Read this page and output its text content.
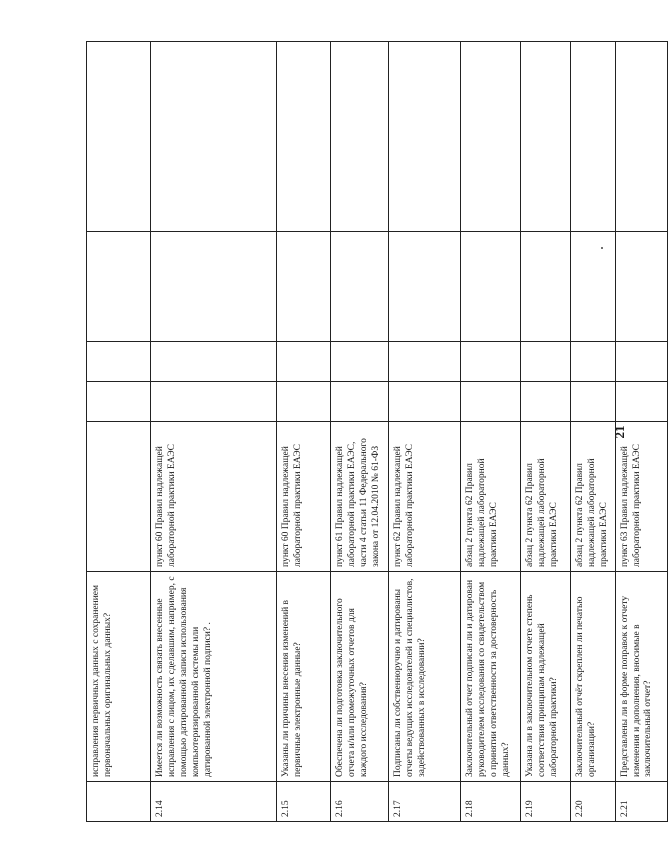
21
	исправления первичных данных с сохранением первоначальных оригинальных данных?					
2.14	Имеется ли возможность связать внесенные исправления с лицом, их сделавшим, например, с помощью датированной записи использования компьютеризированной системы или датированной электронной подписи? .	пункт 60 Правил надлежащей лабораторной практики ЕАЭС				
2.15	Указаны ли причины внесения изменений в первичные электронные данные?	пункт 60 Правил надлежащей лабораторной практики ЕАЭС				
2.16	Обеспечена ли подготовка заключительного отчета и/или промежуточных отчетов для каждого исследования?	пункт 61 Правил надлежащей лабораторной практики ЕАЭС, части 4 статьи 11 Федерального закона от 12.04.2010 № 61-ФЗ				
2.17	Подписаны ли собственноручно и датированы отчеты ведущих исследователей и специалистов, задействованных в исследовании?	пункт 62 Правил надлежащей лабораторной практики ЕАЭС				
2.18	Заключительный отчет подписан ли и датирован руководителем исследования со свидетельством о принятии ответственности за достоверность данных?	абзац 2 пункта 62 Правил надлежащей лабораторной практики ЕАЭС				
2.19	Указана ли в заключительном отчете степень соответствия принципам надлежащей лабораторной практики?	абзац 2 пункта 62 Правил надлежащей лабораторной практики ЕАЭС				
2.20	Заключительный отчёт скреплен ли печатью организации?	абзац 2 пункта 62 Правил надлежащей лабораторной практики ЕАЭС				
2.21	Представлены ли в форме поправок к отчету изменения и дополнения, вносимые в заключительный отчет?	пункт 63 Правил надлежащей лабораторной практики ЕАЭС				
